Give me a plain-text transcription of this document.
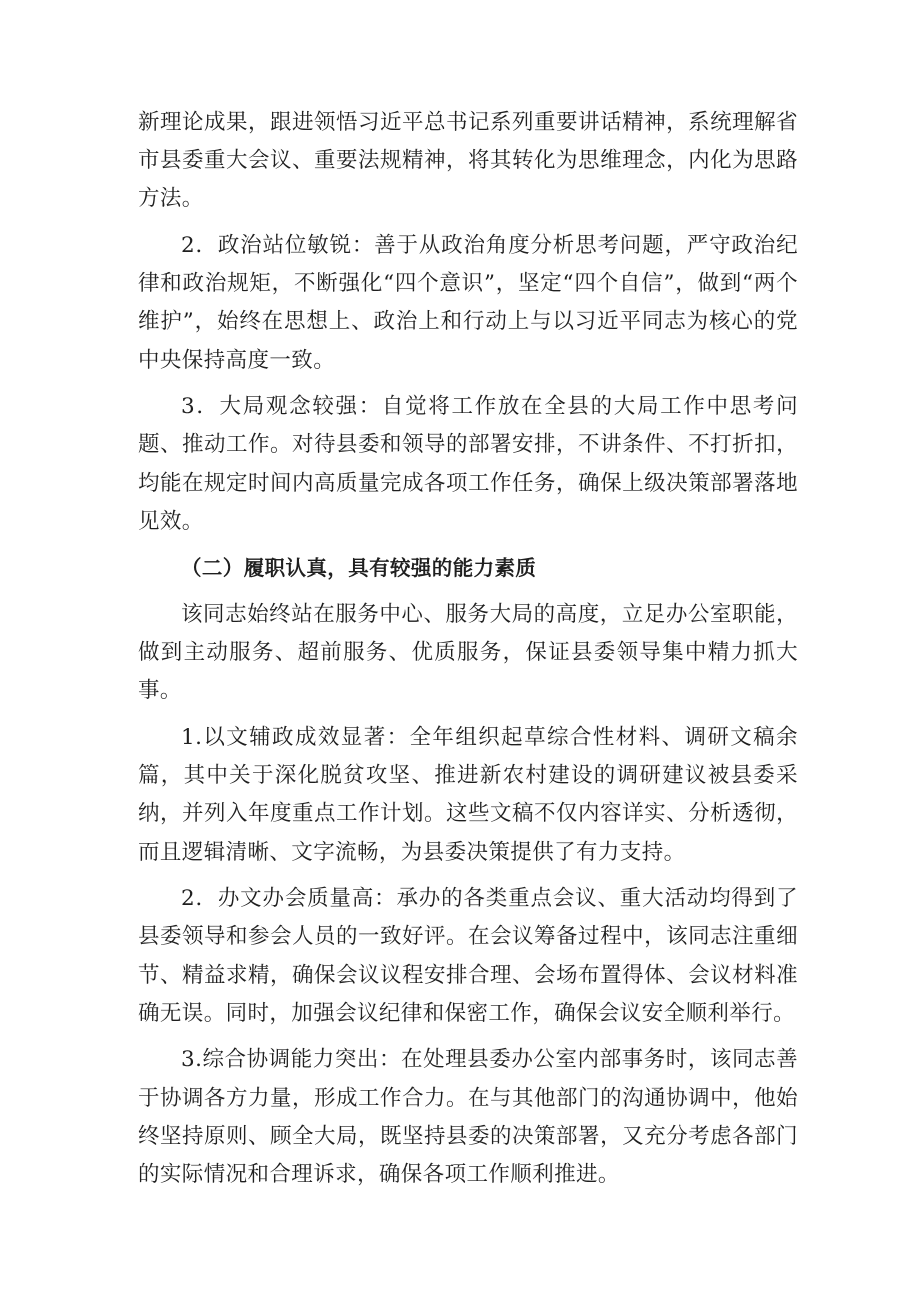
新理论成果，跟进领悟习近平总书记系列重要讲话精神，系统理解省市县委重大会议、重要法规精神，将其转化为思维理念，内化为思路方法。

2．政治站位敏锐：善于从政治角度分析思考问题，严守政治纪律和政治规矩，不断强化“四个意识”，坚定“四个自信”，做到“两个维护”，始终在思想上、政治上和行动上与以习近平同志为核心的党中央保持高度一致。

3．大局观念较强：自觉将工作放在全县的大局工作中思考问题、推动工作。对待县委和领导的部署安排，不讲条件、不打折扣，均能在规定时间内高质量完成各项工作任务，确保上级决策部署落地见效。

（二）履职认真，具有较强的能力素质

该同志始终站在服务中心、服务大局的高度，立足办公室职能，做到主动服务、超前服务、优质服务，保证县委领导集中精力抓大事。

1.以文辅政成效显著：全年组织起草综合性材料、调研文稿余篇，其中关于深化脱贫攻坚、推进新农村建设的调研建议被县委采纳，并列入年度重点工作计划。这些文稿不仅内容详实、分析透彻，而且逻辑清晰、文字流畅，为县委决策提供了有力支持。

2．办文办会质量高：承办的各类重点会议、重大活动均得到了县委领导和参会人员的一致好评。在会议筹备过程中，该同志注重细节、精益求精，确保会议议程安排合理、会场布置得体、会议材料准确无误。同时，加强会议纪律和保密工作，确保会议安全顺利举行。

3.综合协调能力突出：在处理县委办公室内部事务时，该同志善于协调各方力量，形成工作合力。在与其他部门的沟通协调中，他始终坚持原则、顾全大局，既坚持县委的决策部署，又充分考虑各部门的实际情况和合理诉求，确保各项工作顺利推进。
